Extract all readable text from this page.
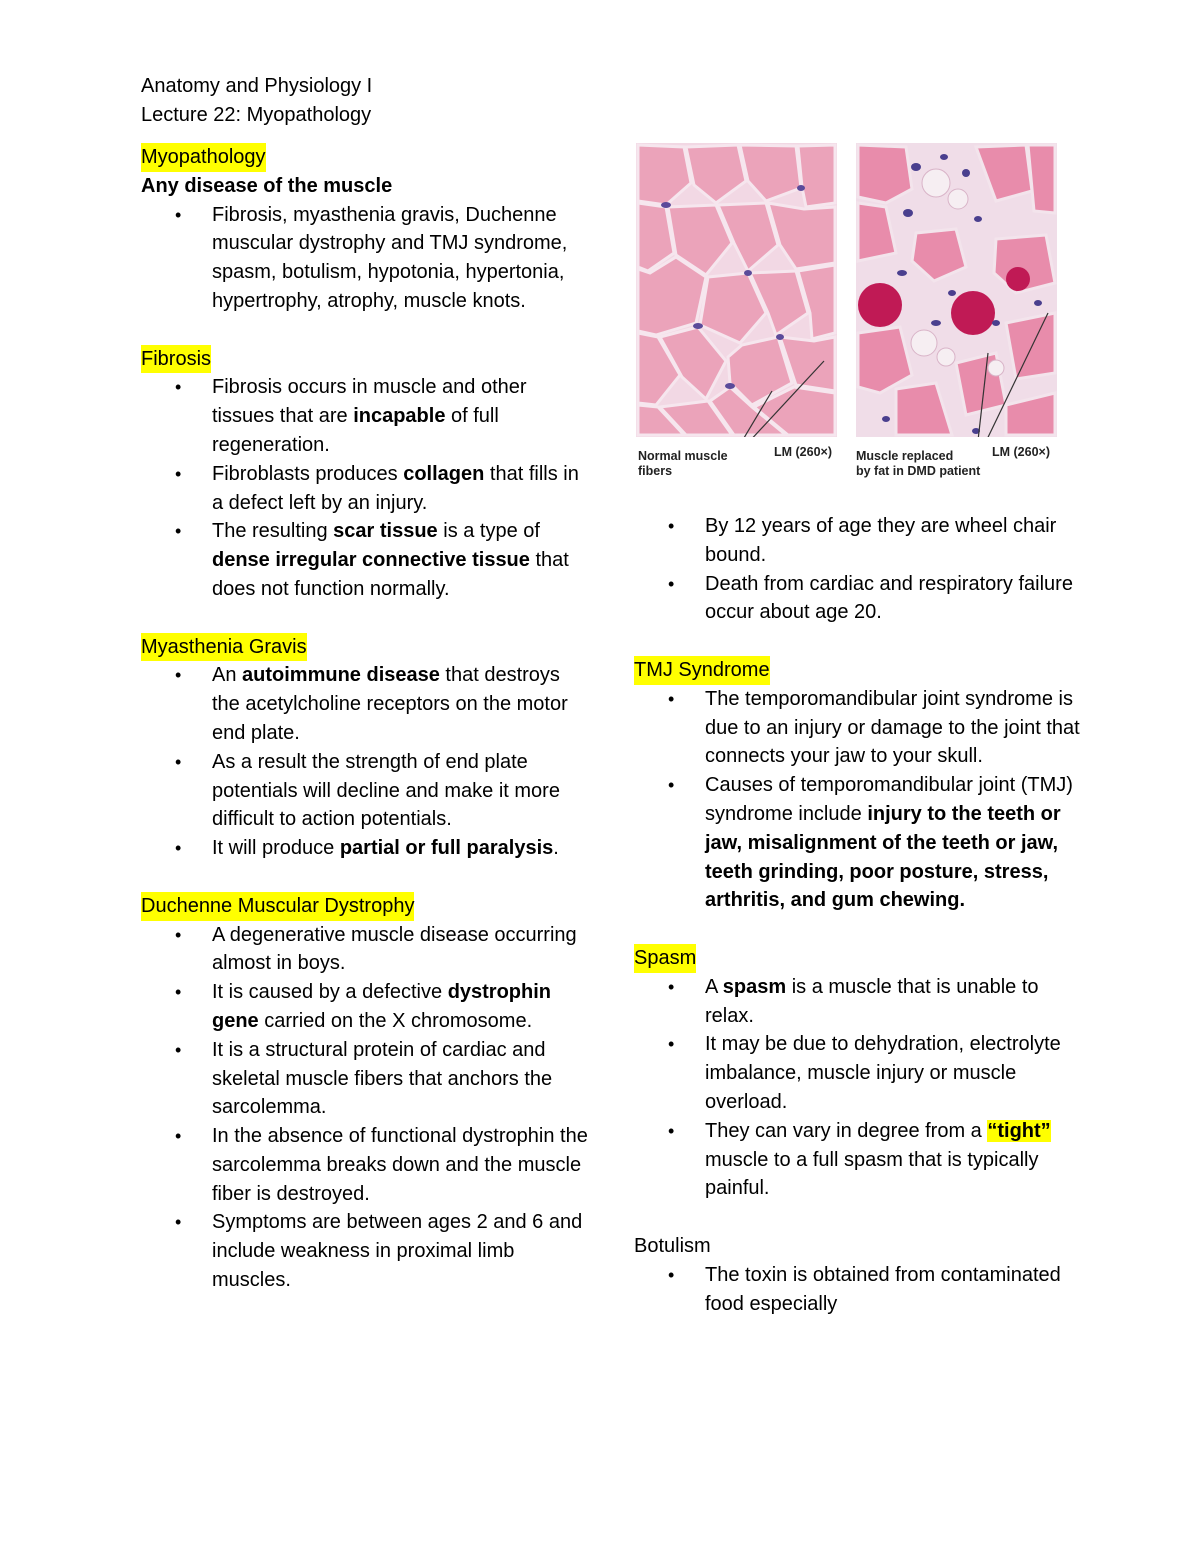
Anatomy and Physiology I
Lecture 22: Myopathology
Myopathology
Any disease of the muscle
• Fibrosis, myasthenia gravis, Duchenne muscular dystrophy and TMJ syndrome, spasm, botulism, hypotonia, hypertonia, hypertrophy, atrophy, muscle knots.
Fibrosis
• Fibrosis occurs in muscle and other tissues that are incapable of full regeneration.
• Fibroblasts produces collagen that fills in a defect left by an injury.
• The resulting scar tissue is a type of dense irregular connective tissue that does not function normally.
Myasthenia Gravis
• An autoimmune disease that destroys the acetylcholine receptors on the motor end plate.
• As a result the strength of end plate potentials will decline and make it more difficult to action potentials.
• It will produce partial or full paralysis.
Duchenne Muscular Dystrophy
• A degenerative muscle disease occurring almost in boys.
• It is caused by a defective dystrophin gene carried on the X chromosome.
• It is a structural protein of cardiac and skeletal muscle fibers that anchors the sarcolemma.
• In the absence of functional dystrophin the sarcolemma breaks down and the muscle fiber is destroyed.
• Symptoms are between ages 2 and 6 and include weakness in proximal limb muscles.
Normal muscle
fibers
LM (260×) Muscle replaced
by fat in DMD patient
LM (260×)
• By 12 years of age they are wheel chair bound.
• Death from cardiac and respiratory failure occur about age 20.
TMJ Syndrome
• The temporomandibular joint syndrome is due to an injury or damage to the joint that connects your jaw to your skull.
• Causes of temporomandibular joint (TMJ) syndrome include injury to the teeth or jaw, misalignment of the teeth or jaw, teeth grinding, poor posture, stress, arthritis, and gum chewing.
Spasm
• A spasm is a muscle that is unable to relax.
• It may be due to dehydration, electrolyte imbalance, muscle injury or muscle overload.
• They can vary in degree from a “tight” muscle to a full spasm that is typically painful.
Botulism
• The toxin is obtained from contaminated food especially
